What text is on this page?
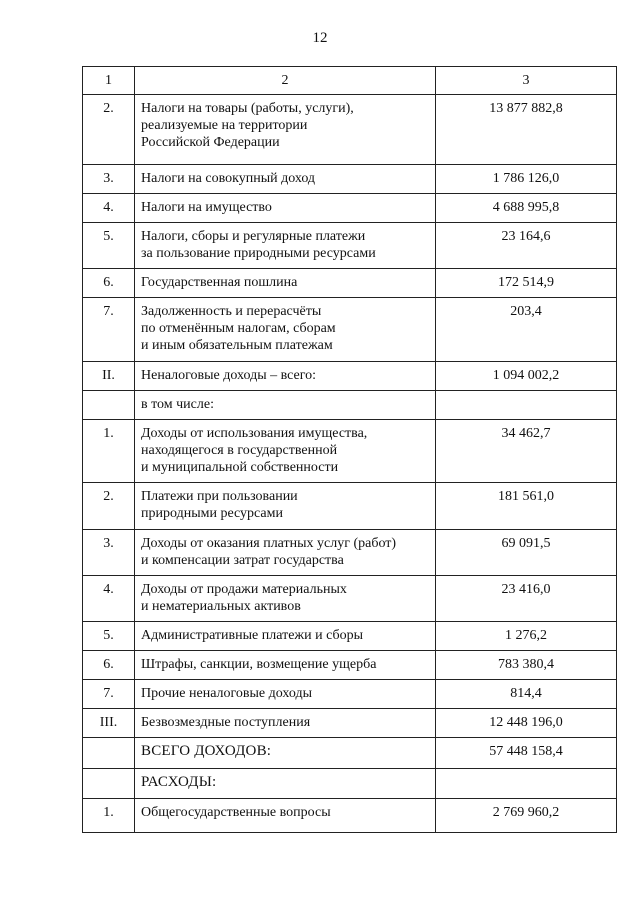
12
1	2	3

2.	Налоги на товары (работы, услуги),
реализуемые на территории
Российской Федерации	13 877 882,8

3.	Налоги на совокупный доход	1 786 126,0

4.	Налоги на имущество	4 688 995,8

5.	Налоги, сборы и регулярные платежи
за пользование природными ресурсами	23 164,6

6.	Государственная пошлина	172 514,9

7.	Задолженность и перерасчёты
по отменённым налогам, сборам
и иным обязательным платежам	203,4

II.	Неналоговые доходы – всего:	1 094 002,2

	в том числе:	

1.	Доходы от использования имущества,
находящегося в государственной
и муниципальной собственности	34 462,7

2.	Платежи при пользовании
природными ресурсами	181 561,0

3.	Доходы от оказания платных услуг (работ)
и компенсации затрат государства	69 091,5

4.	Доходы от продажи материальных
и нематериальных активов	23 416,0

5.	Административные платежи и сборы	1 276,2

6.	Штрафы, санкции, возмещение ущерба	783 380,4

7.	Прочие неналоговые доходы	814,4

III.	Безвозмездные поступления	12 448 196,0

	ВСЕГО ДОХОДОВ:	57 448 158,4

	РАСХОДЫ:	

1.	Общегосударственные вопросы	2 769 960,2
